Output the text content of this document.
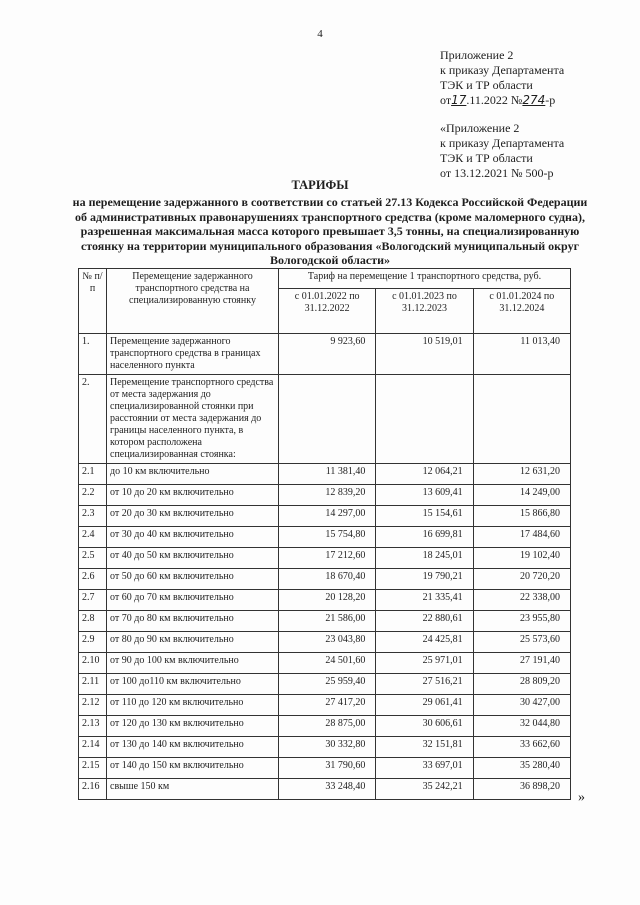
4
Приложение 2
к приказу Департамента
ТЭК и ТР области
от17.11.2022 №274-р
«Приложение 2
к приказу Департамента
ТЭК и ТР области
от 13.12.2021 № 500-р
ТАРИФЫ
на перемещение задержанного в соответствии со статьей 27.13 Кодекса Российской Федерации об административных правонарушениях транспортного средства (кроме маломерного судна), разрешенная максимальная масса которого превышает 3,5 тонны, на специализированную стоянку на территории муниципального образования «Вологодский муниципальный округ Вологодской области»
№ п/п	Перемещение задержанного транспортного средства на специализированную стоянку	Тариф на перемещение 1 транспортного средства, руб.		
		с 01.01.2022 по 31.12.2022	с 01.01.2023 по 31.12.2023	с 01.01.2024 по 31.12.2024
1.	Перемещение задержанного транспортного средства в границах населенного пункта	9 923,60	10 519,01	11 013,40
2.	Перемещение транспортного средства от места задержания до специализированной стоянки при расстоянии от места задержания до границы населенного пункта, в котором расположена специализированная стоянка:			
2.1	до 10 км включительно	11 381,40	12 064,21	12 631,20
2.2	от 10 до 20 км включительно	12 839,20	13 609,41	14 249,00
2.3	от 20 до 30 км включительно	14 297,00	15 154,61	15 866,80
2.4	от 30 до 40 км включительно	15 754,80	16 699,81	17 484,60
2.5	от 40 до 50 км включительно	17 212,60	18 245,01	19 102,40
2.6	от 50 до 60 км включительно	18 670,40	19 790,21	20 720,20
2.7	от 60 до 70 км включительно	20 128,20	21 335,41	22 338,00
2.8	от 70 до 80 км включительно	21 586,00	22 880,61	23 955,80
2.9	от 80 до 90 км включительно	23 043,80	24 425,81	25 573,60
2.10	от 90 до 100 км включительно	24 501,60	25 971,01	27 191,40
2.11	от 100 до110 км включительно	25 959,40	27 516,21	28 809,20
2.12	от 110 до 120 км включительно	27 417,20	29 061,41	30 427,00
2.13	от 120 до 130 км включительно	28 875,00	30 606,61	32 044,80
2.14	от 130 до 140 км включительно	30 332,80	32 151,81	33 662,60
2.15	от 140 до 150 км включительно	31 790,60	33 697,01	35 280,40
2.16	свыше 150 км	33 248,40	35 242,21	36 898,20
»
